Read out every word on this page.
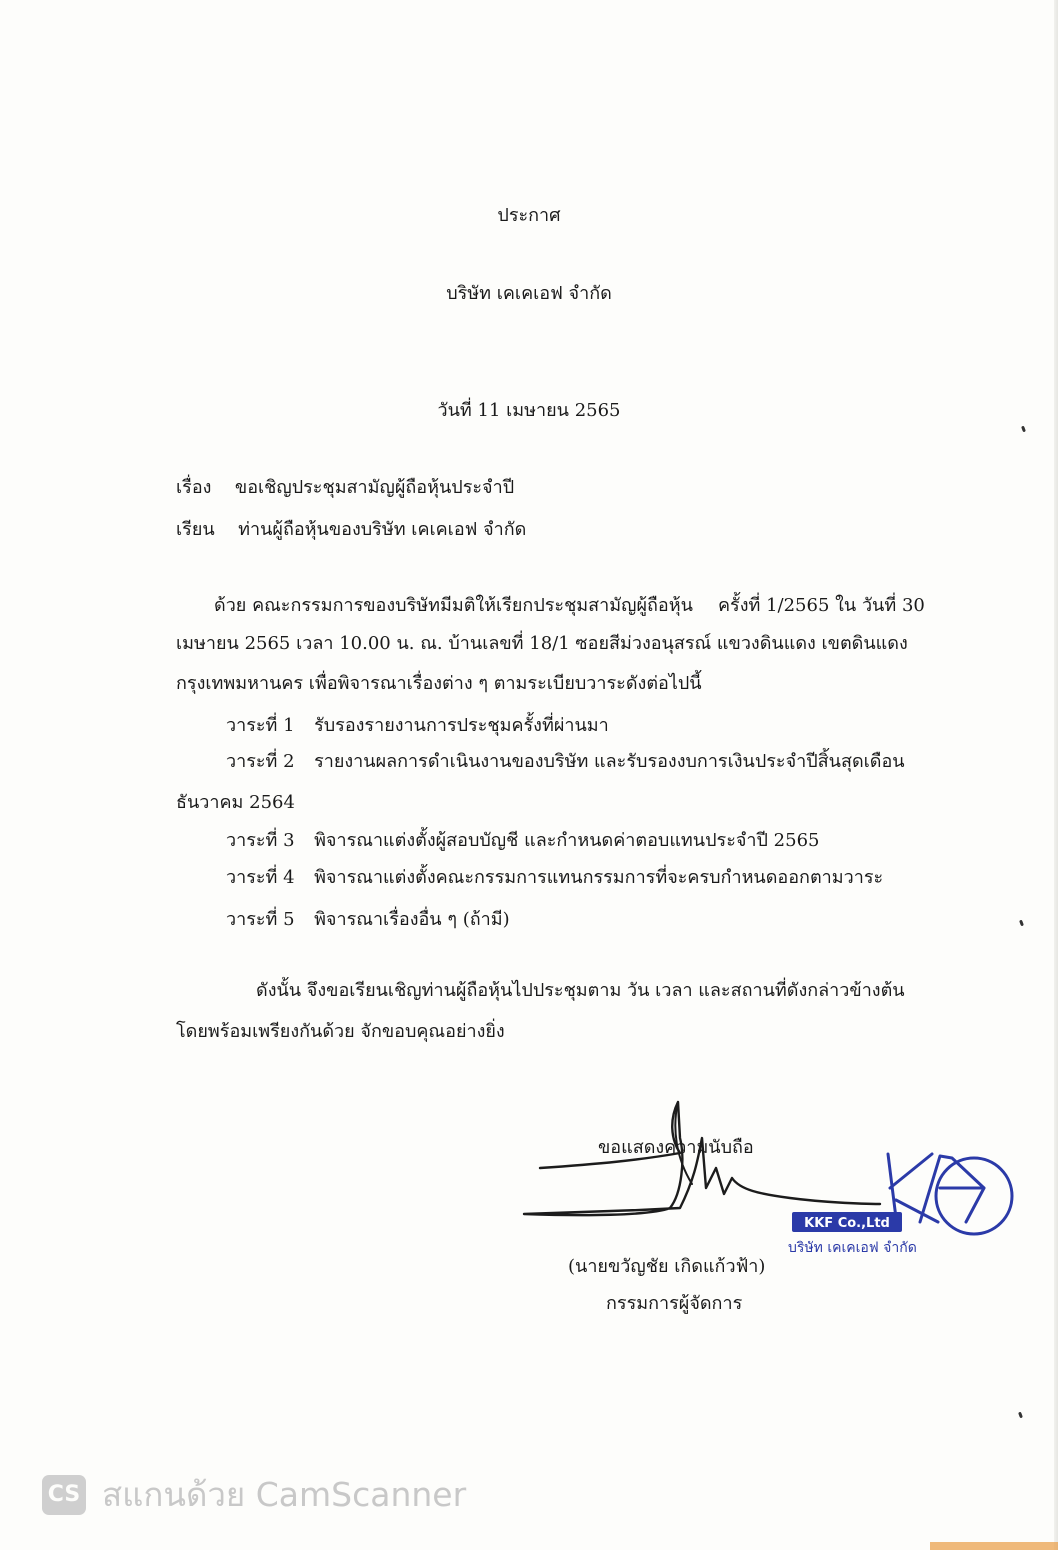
ประกาศ
บริษัท เคเคเอฟ จำกัด
วันที่ 11 เมษายน 2565
เรื่อง ขอเชิญประชุมสามัญผู้ถือหุ้นประจำปี
เรียน ท่านผู้ถือหุ้นของบริษัท เคเคเอฟ จำกัด
ด้วย คณะกรรมการของบริษัทมีมติให้เรียกประชุมสามัญผู้ถือหุ้น ครั้งที่ 1/2565 ใน วันที่ 30
เมษายน 2565 เวลา 10.00 น. ณ. บ้านเลขที่ 18/1 ซอยสีม่วงอนุสรณ์ แขวงดินแดง เขตดินแดง
กรุงเทพมหานคร เพื่อพิจารณาเรื่องต่าง ๆ ตามระเบียบวาระดังต่อไปนี้
วาระที่ 1 รับรองรายงานการประชุมครั้งที่ผ่านมา
วาระที่ 2 รายงานผลการดำเนินงานของบริษัท และรับรองงบการเงินประจำปีสิ้นสุดเดือน
ธันวาคม 2564
วาระที่ 3 พิจารณาแต่งตั้งผู้สอบบัญชี และกำหนดค่าตอบแทนประจำปี 2565
วาระที่ 4 พิจารณาแต่งตั้งคณะกรรมการแทนกรรมการที่จะครบกำหนดออกตามวาระ
วาระที่ 5 พิจารณาเรื่องอื่น ๆ (ถ้ามี)
ดังนั้น จึงขอเรียนเชิญท่านผู้ถือหุ้นไปประชุมตาม วัน เวลา และสถานที่ดังกล่าวข้างต้น
โดยพร้อมเพรียงกันด้วย จักขอบคุณอย่างยิ่ง
ขอแสดงความนับถือ
KKF Co.,Ltd
บริษัท เคเคเอฟ จำกัด
(นายขวัญชัย เกิดแก้วฟ้า)
กรรมการผู้จัดการ
CS สแกนด้วย CamScanner
